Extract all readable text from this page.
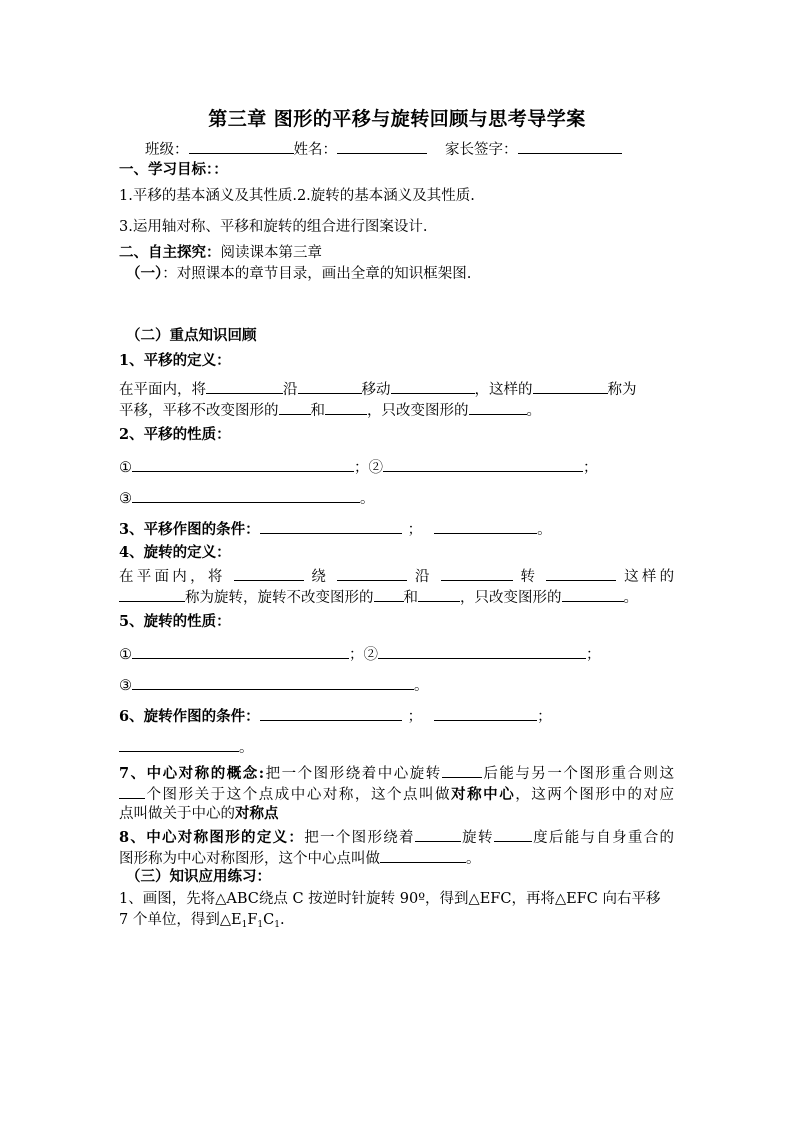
第三章 图形的平移与旋转回顾与思考导学案
班级：	姓名：	家长签字：
一、学习目标：：
1.平移的基本涵义及其性质.2.旋转的基本涵义及其性质.
3.运用轴对称、平移和旋转的组合进行图案设计.
二、自主探究：阅读课本第三章
（一）：对照课本的章节目录，画出全章的知识框架图.
（二）重点知识回顾
1、平移的定义：
在平面内，将	沿	移动	，这样的	称为
平移，平移不改变图形的 和	，只改变图形的	。
2、平移的性质：
①	；②	；
③	。
3、平移作图的条件：	；	。
4、旋转的定义：
在平面内，将	绕	沿	转	这样的
称为旋转，旋转不改变图形的 和	，只改变图形的	。
5、旋转的性质：
①	；②	；
③	。
6、旋转作图的条件：	；	；
。
7、中心对称的概念:把一个图形绕着中心旋转	后能与另一个图形重合则这
个图形关于这个点成中心对称，这个点叫做对称中心，这两个图形中的对应
点叫做关于中心的对称点
8、中心对称图形的定义：把一个图形绕着	旋转	度后能与自身重合的
图形称为中心对称图形，这个中心点叫做	。
（三）知识应用练习：
1、画图，先将△ABC绕点 C 按逆时针旋转 90º，得到△EFC，再将△EFC 向右平移
7 个单位，得到$\triangle E_1F_1C_1$.
